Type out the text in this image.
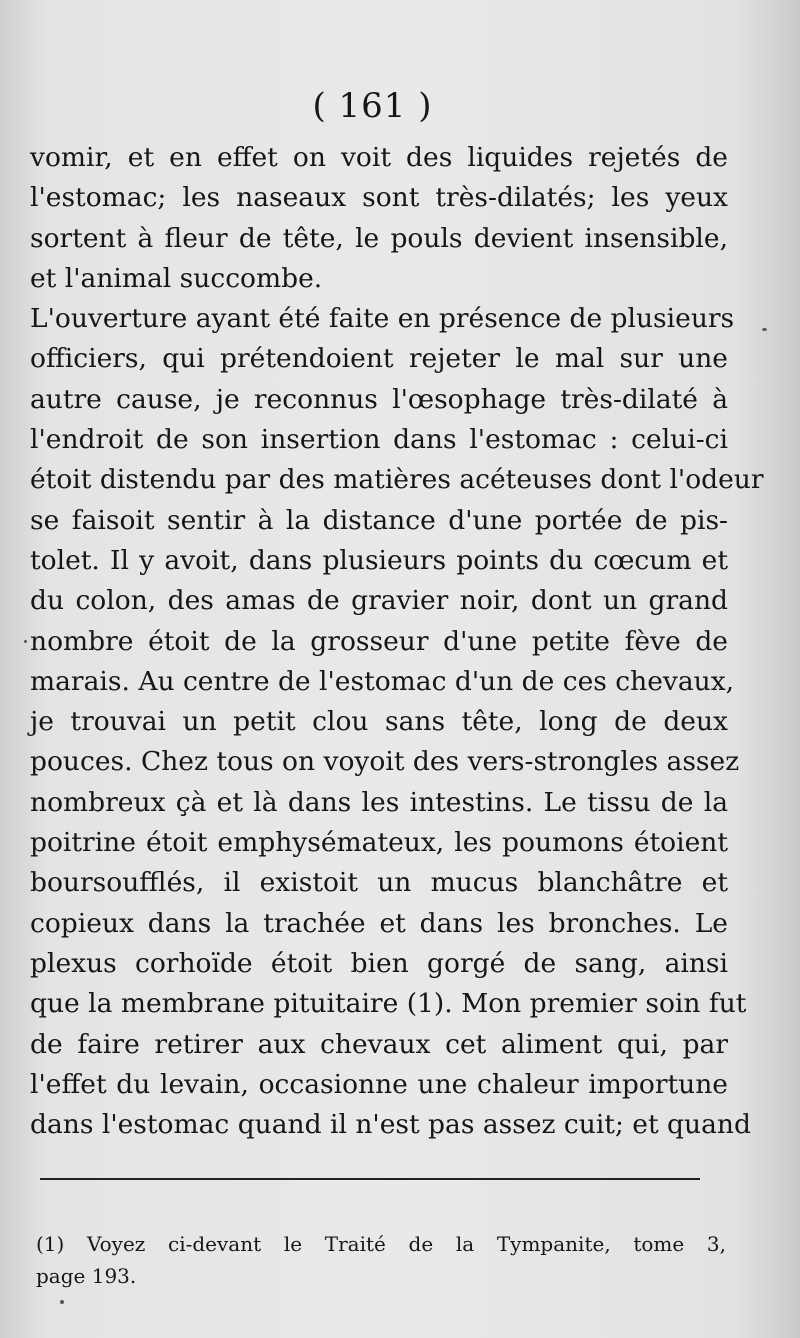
( 161 )
vomir, et en effet on voit des liquides rejetés de
l'estomac; les naseaux sont très-dilatés; les yeux
sortent à fleur de tête, le pouls devient insensible,
et l'animal succombe.
L'ouverture ayant été faite en présence de plusieurs
officiers, qui prétendoient rejeter le mal sur une
autre cause, je reconnus l'œsophage très-dilaté à
l'endroit de son insertion dans l'estomac : celui-ci
étoit distendu par des matières acéteuses dont l'odeur
se faisoit sentir à la distance d'une portée de pis-
tolet. Il y avoit, dans plusieurs points du cœcum et
du colon, des amas de gravier noir, dont un grand
nombre étoit de la grosseur d'une petite fève de
marais. Au centre de l'estomac d'un de ces chevaux,
je trouvai un petit clou sans tête, long de deux
pouces. Chez tous on voyoit des vers-strongles assez
nombreux çà et là dans les intestins. Le tissu de la
poitrine étoit emphysémateux, les poumons étoient
boursoufflés, il existoit un mucus blanchâtre et
copieux dans la trachée et dans les bronches. Le
plexus corhoïde étoit bien gorgé de sang, ainsi
que la membrane pituitaire (1). Mon premier soin fut
de faire retirer aux chevaux cet aliment qui, par
l'effet du levain, occasionne une chaleur importune
dans l'estomac quand il n'est pas assez cuit; et quand
(1) Voyez ci-devant le Traité de la Tympanite, tome 3,
page 193.
